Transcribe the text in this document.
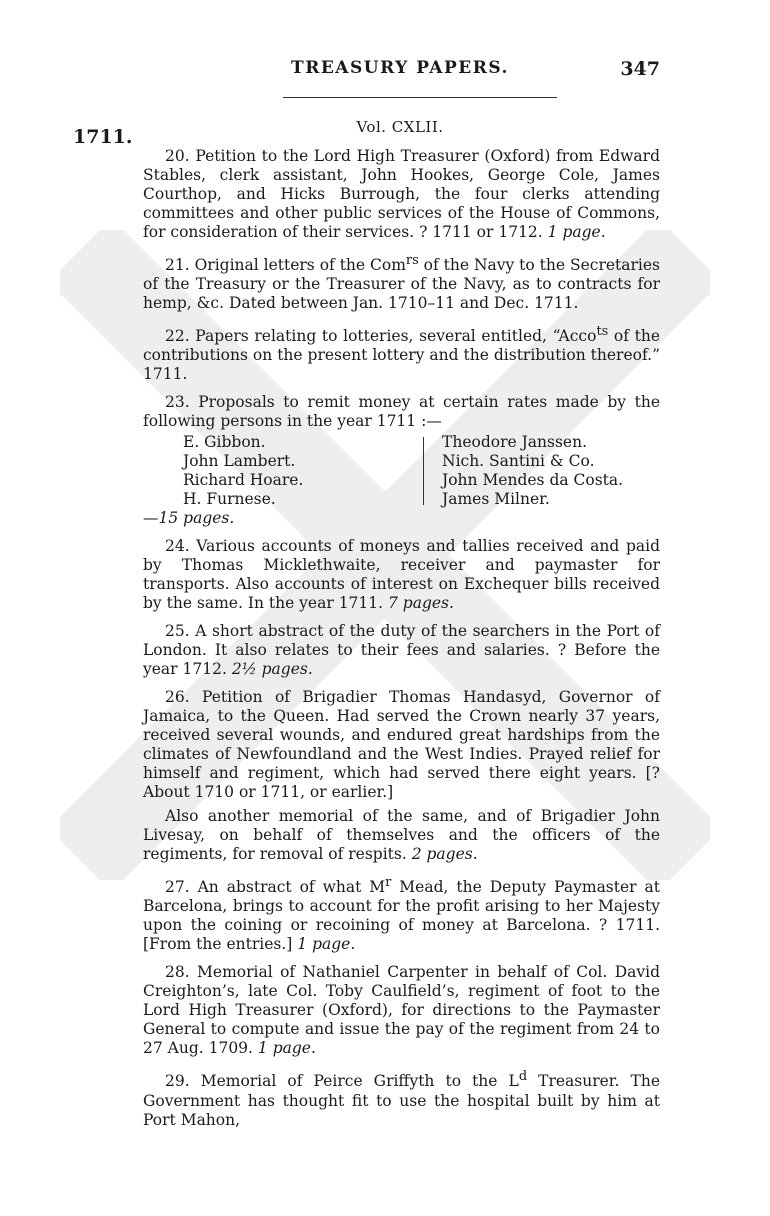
TREASURY PAPERS.	347
1711.	Vol. CXLII.

20. Petition to the Lord High Treasurer (Oxford) from Edward Stables, clerk assistant, John Hookes, George Cole, James Courthop, and Hicks Burrough, the four clerks attending committees and other public services of the House of Commons, for consideration of their services. ? 1711 or 1712. 1 page.

21. Original letters of the Com$^{rs}$ of the Navy to the Secretaries of the Treasury or the Treasurer of the Navy, as to contracts for hemp, &c. Dated between Jan. 1710–11 and Dec. 1711.

22. Papers relating to lotteries, several entitled, “Acco$^{ts}$ of the contributions on the present lottery and the distribution thereof.” 1711.

23. Proposals to remit money at certain rates made by the following persons in the year 1711 :—

E. Gibbon.
John Lambert.
Richard Hoare.
H. Furnese.
Theodore Janssen.
Nich. Santini & Co.
John Mendes da Costa.
James Milner.

—15 pages.

24. Various accounts of moneys and tallies received and paid by Thomas Micklethwaite, receiver and paymaster for transports. Also accounts of interest on Exchequer bills received by the same. In the year 1711. 7 pages.

25. A short abstract of the duty of the searchers in the Port of London. It also relates to their fees and salaries. ? Before the year 1712. 2½ pages.

26. Petition of Brigadier Thomas Handasyd, Governor of Jamaica, to the Queen. Had served the Crown nearly 37 years, received several wounds, and endured great hardships from the climates of Newfoundland and the West Indies. Prayed relief for himself and regiment, which had served there eight years. [? About 1710 or 1711, or earlier.]

Also another memorial of the same, and of Brigadier John Livesay, on behalf of themselves and the officers of the regiments, for removal of respits. 2 pages.

27. An abstract of what $M^r$ Mead, the Deputy Paymaster at Barcelona, brings to account for the profit arising to her Majesty upon the coining or recoining of money at Barcelona. ? 1711. [From the entries.] 1 page.

28. Memorial of Nathaniel Carpenter in behalf of Col. David Creighton’s, late Col. Toby Caulfield’s, regiment of foot to the Lord High Treasurer (Oxford), for directions to the Paymaster General to compute and issue the pay of the regiment from 24 to 27 Aug. 1709. 1 page.

29. Memorial of Peirce Griffyth to the $L^d$ Treasurer. The Government has thought fit to use the hospital built by him at Port Mahon,
